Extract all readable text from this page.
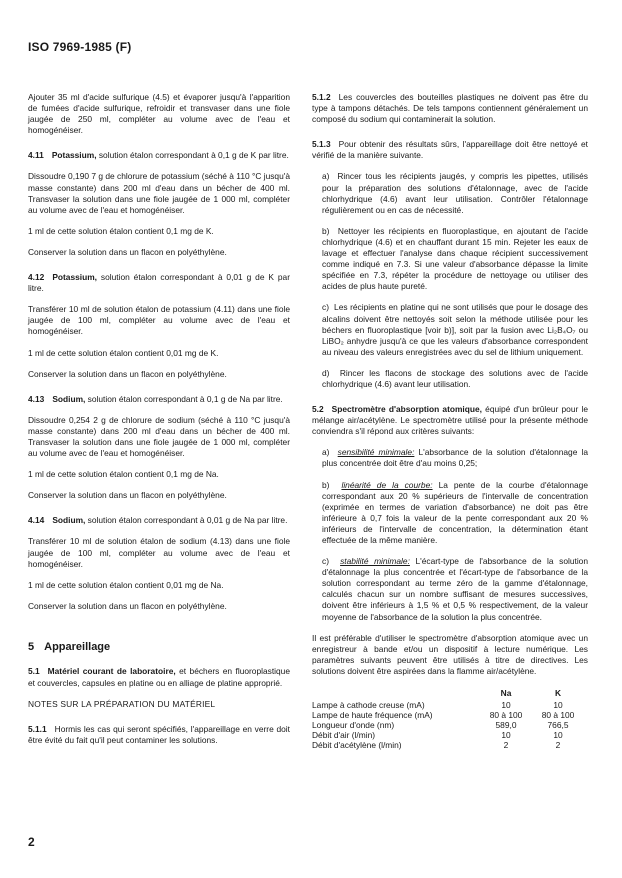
ISO 7969-1985 (F)

Ajouter 35 ml d'acide sulfurique (4.5) et évaporer jusqu'à l'apparition de fumées d'acide sulfurique, refroidir et transvaser dans une fiole jaugée de 250 ml, compléter au volume avec de l'eau et homogénéiser.

4.11 Potassium, solution étalon correspondant à 0,1 g de K par litre.

Dissoudre 0,190 7 g de chlorure de potassium (séché à 110 °C jusqu'à masse constante) dans 200 ml d'eau dans un bécher de 400 ml. Transvaser la solution dans une fiole jaugée de 1 000 ml, compléter au volume avec de l'eau et homogénéiser.

1 ml de cette solution étalon contient 0,1 mg de K.

Conserver la solution dans un flacon en polyéthylène.

4.12 Potassium, solution étalon correspondant à 0,01 g de K par litre.

Transférer 10 ml de solution étalon de potassium (4.11) dans une fiole jaugée de 100 ml, compléter au volume avec de l'eau et homogénéiser.

1 ml de cette solution étalon contient 0,01 mg de K.

Conserver la solution dans un flacon en polyéthylène.

4.13 Sodium, solution étalon correspondant à 0,1 g de Na par litre.

Dissoudre 0,254 2 g de chlorure de sodium (séché à 110 °C jusqu'à masse constante) dans 200 ml d'eau dans un bécher de 400 ml. Transvaser la solution dans une fiole jaugée de 1 000 ml, compléter au volume avec de l'eau et homogénéiser.

1 ml de cette solution étalon contient 0,1 mg de Na.

Conserver la solution dans un flacon en polyéthylène.

4.14 Sodium, solution étalon correspondant à 0,01 g de Na par litre.

Transférer 10 ml de solution étalon de sodium (4.13) dans une fiole jaugée de 100 ml, compléter au volume avec de l'eau et homogénéiser.

1 ml de cette solution étalon contient 0,01 mg de Na.

Conserver la solution dans un flacon en polyéthylène.

5 Appareillage

5.1 Matériel courant de laboratoire, et béchers en fluoroplastique et couvercles, capsules en platine ou en alliage de platine approprié.

NOTES SUR LA PRÉPARATION DU MATÉRIEL

5.1.1 Hormis les cas qui seront spécifiés, l'appareillage en verre doit être évité du fait qu'il peut contaminer les solutions.

5.1.2 Les couvercles des bouteilles plastiques ne doivent pas être du type à tampons détachés. De tels tampons contiennent généralement un composé du sodium qui contaminerait la solution.

5.1.3 Pour obtenir des résultats sûrs, l'appareillage doit être nettoyé et vérifié de la manière suivante.

a)  Rincer tous les récipients jaugés, y compris les pipettes, utilisés pour la préparation des solutions d'étalonnage, avec de l'acide chlorhydrique (4.6) avant leur utilisation. Contrôler l'étalonnage régulièrement ou en cas de nécessité.

b)  Nettoyer les récipients en fluoroplastique, en ajoutant de l'acide chlorhydrique (4.6) et en chauffant durant 15 min. Rejeter les eaux de lavage et effectuer l'analyse dans chaque récipient successivement comme indiqué en 7.3. Si une valeur d'absorbance dépasse la limite spécifiée en 7.3, répéter la procédure de nettoyage ou utiliser des acides de plus haute pureté.

c)  Les récipients en platine qui ne sont utilisés que pour le dosage des alcalins doivent être nettoyés soit selon la méthode utilisée pour les béchers en fluoroplastique [voir b)], soit par la fusion avec Li₂B₄O₇ ou LiBO₂ anhydre jusqu'à ce que les valeurs d'absorbance correspondent au niveau des valeurs enregistrées avec du sel de lithium uniquement.

d)  Rincer les flacons de stockage des solutions avec de l'acide chlorhydrique (4.6) avant leur utilisation.

5.2 Spectromètre d'absorption atomique, équipé d'un brûleur pour le mélange air/acétylène. Le spectromètre utilisé pour la présente méthode conviendra s'il répond aux critères suivants:

a)  sensibilité minimale: L'absorbance de la solution d'étalonnage la plus concentrée doit être d'au moins 0,25;

b)  linéarité de la courbe: La pente de la courbe d'étalonnage correspondant aux 20 % supérieurs de l'intervalle de concentration (exprimée en termes de variation d'absorbance) ne doit pas être inférieure à 0,7 fois la valeur de la pente correspondant aux 20 % inférieurs de l'intervalle de concentration, la détermination étant effectuée de la même manière.

c)  stabilité minimale: L'écart-type de l'absorbance de la solution d'étalonnage la plus concentrée et l'écart-type de l'absorbance de la solution correspondant au terme zéro de la gamme d'étalonnage, calculés chacun sur un nombre suffisant de mesures successives, doivent être inférieurs à 1,5 % et 0,5 % respectivement, de la valeur moyenne de l'absorbance de la solution la plus concentrée.

Il est préférable d'utiliser le spectromètre d'absorption atomique avec un enregistreur à bande et/ou un dispositif à lecture numérique. Les paramètres suivants peuvent être utilisés à titre de directives. Les solutions doivent être aspirées dans la flamme air/acétylène.

	Na	K
Lampe à cathode creuse (mA)	10	10
Lampe de haute fréquence (mA)	80 à 100	80 à 100
Longueur d'onde (nm)	589,0	766,5
Débit d'air (l/min)	10	10
Débit d'acétylène (l/min)	2	2
2
